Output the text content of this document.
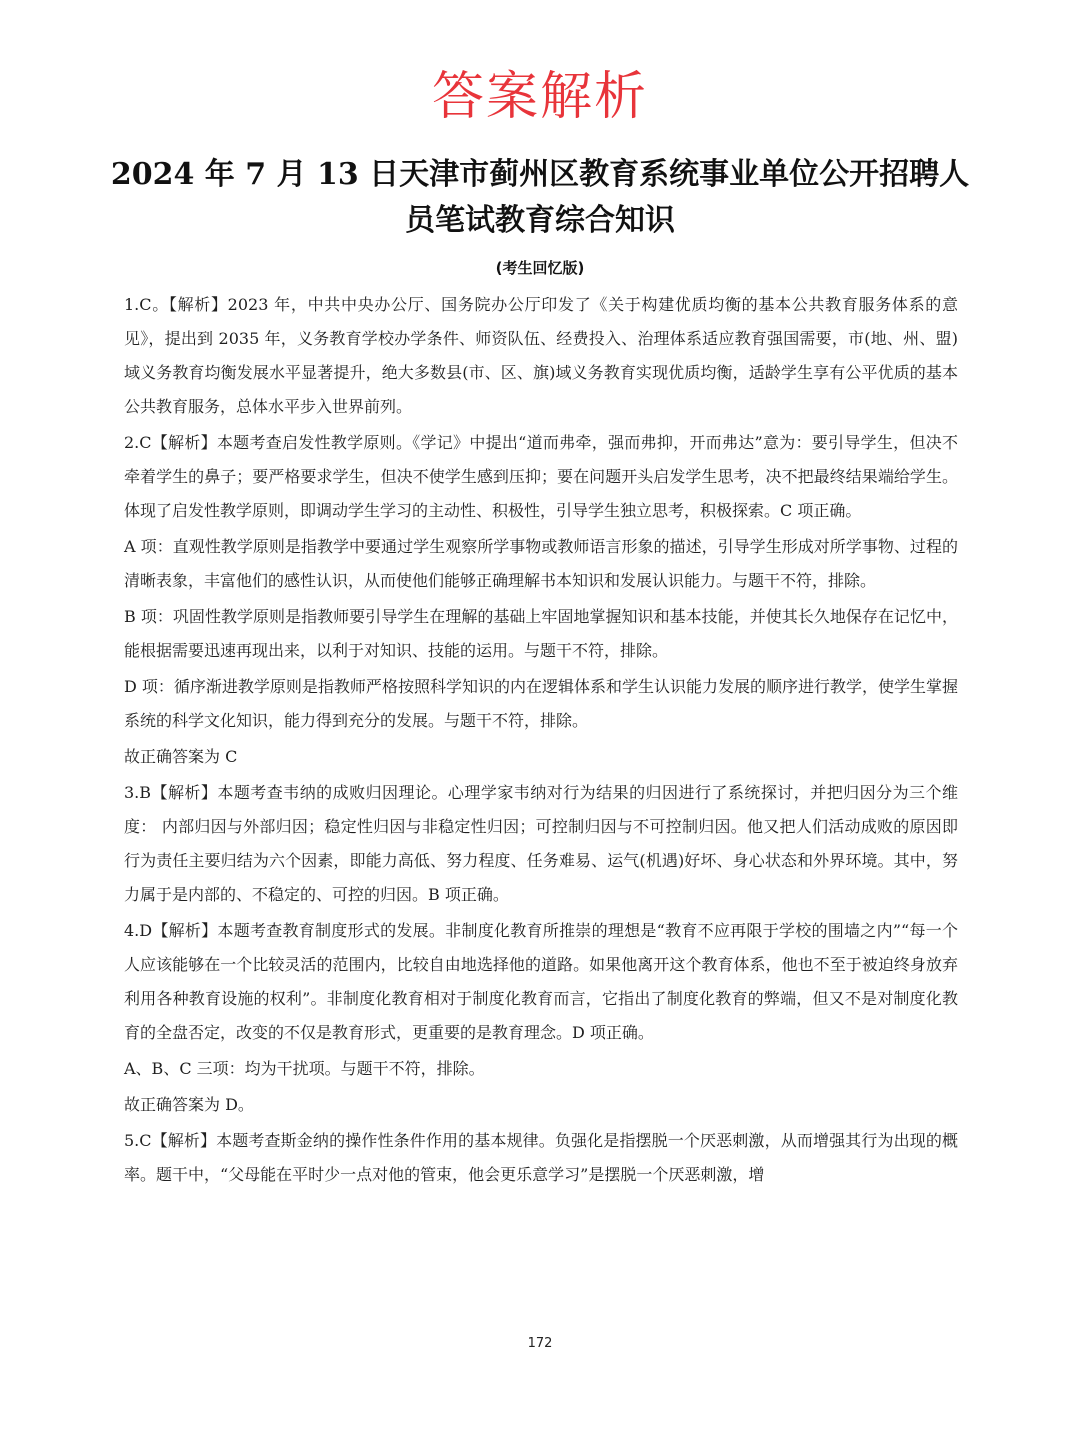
答案解析
2024 年 7 月 13 日天津市蓟州区教育系统事业单位公开招聘人员笔试教育综合知识
(考生回忆版)

1.C。【解析】2023 年，中共中央办公厅、国务院办公厅印发了《关于构建优质均衡的基本公共教育服务体系的意见》，提出到 2035 年，义务教育学校办学条件、师资队伍、经费投入、治理体系适应教育强国需要，市(地、州、盟)域义务教育均衡发展水平显著提升，绝大多数县(市、区、旗)域义务教育实现优质均衡，适龄学生享有公平优质的基本公共教育服务，总体水平步入世界前列。

2.C【解析】本题考查启发性教学原则。《学记》中提出“道而弗牵，强而弗抑，开而弗达”意为：要引导学生，但决不牵着学生的鼻子；要严格要求学生，但决不使学生感到压抑；要在问题开头启发学生思考，决不把最终结果端给学生。体现了启发性教学原则，即调动学生学习的主动性、积极性，引导学生独立思考，积极探索。C 项正确。

A 项：直观性教学原则是指教学中要通过学生观察所学事物或教师语言形象的描述，引导学生形成对所学事物、过程的清晰表象，丰富他们的感性认识，从而使他们能够正确理解书本知识和发展认识能力。与题干不符，排除。

B 项：巩固性教学原则是指教师要引导学生在理解的基础上牢固地掌握知识和基本技能，并使其长久地保存在记忆中，能根据需要迅速再现出来，以利于对知识、技能的运用。与题干不符，排除。

D 项：循序渐进教学原则是指教师严格按照科学知识的内在逻辑体系和学生认识能力发展的顺序进行教学，使学生掌握系统的科学文化知识，能力得到充分的发展。与题干不符，排除。

故正确答案为 C

3.B【解析】本题考查韦纳的成败归因理论。心理学家韦纳对行为结果的归因进行了系统探讨，并把归因分为三个维度： 内部归因与外部归因；稳定性归因与非稳定性归因；可控制归因与不可控制归因。他又把人们活动成败的原因即行为责任主要归结为六个因素，即能力高低、努力程度、任务难易、运气(机遇)好坏、身心状态和外界环境。其中，努力属于是内部的、不稳定的、可控的归因。B 项正确。

4.D【解析】本题考查教育制度形式的发展。非制度化教育所推崇的理想是“教育不应再限于学校的围墙之内”“每一个人应该能够在一个比较灵活的范围内，比较自由地选择他的道路。如果他离开这个教育体系，他也不至于被迫终身放弃利用各种教育设施的权利”。非制度化教育相对于制度化教育而言，它指出了制度化教育的弊端，但又不是对制度化教育的全盘否定，改变的不仅是教育形式，更重要的是教育理念。D 项正确。

A、B、C 三项：均为干扰项。与题干不符，排除。

故正确答案为 D。

5.C【解析】本题考查斯金纳的操作性条件作用的基本规律。负强化是指摆脱一个厌恶刺激，从而增强其行为出现的概率。题干中，“父母能在平时少一点对他的管束，他会更乐意学习”是摆脱一个厌恶刺激，增

172
